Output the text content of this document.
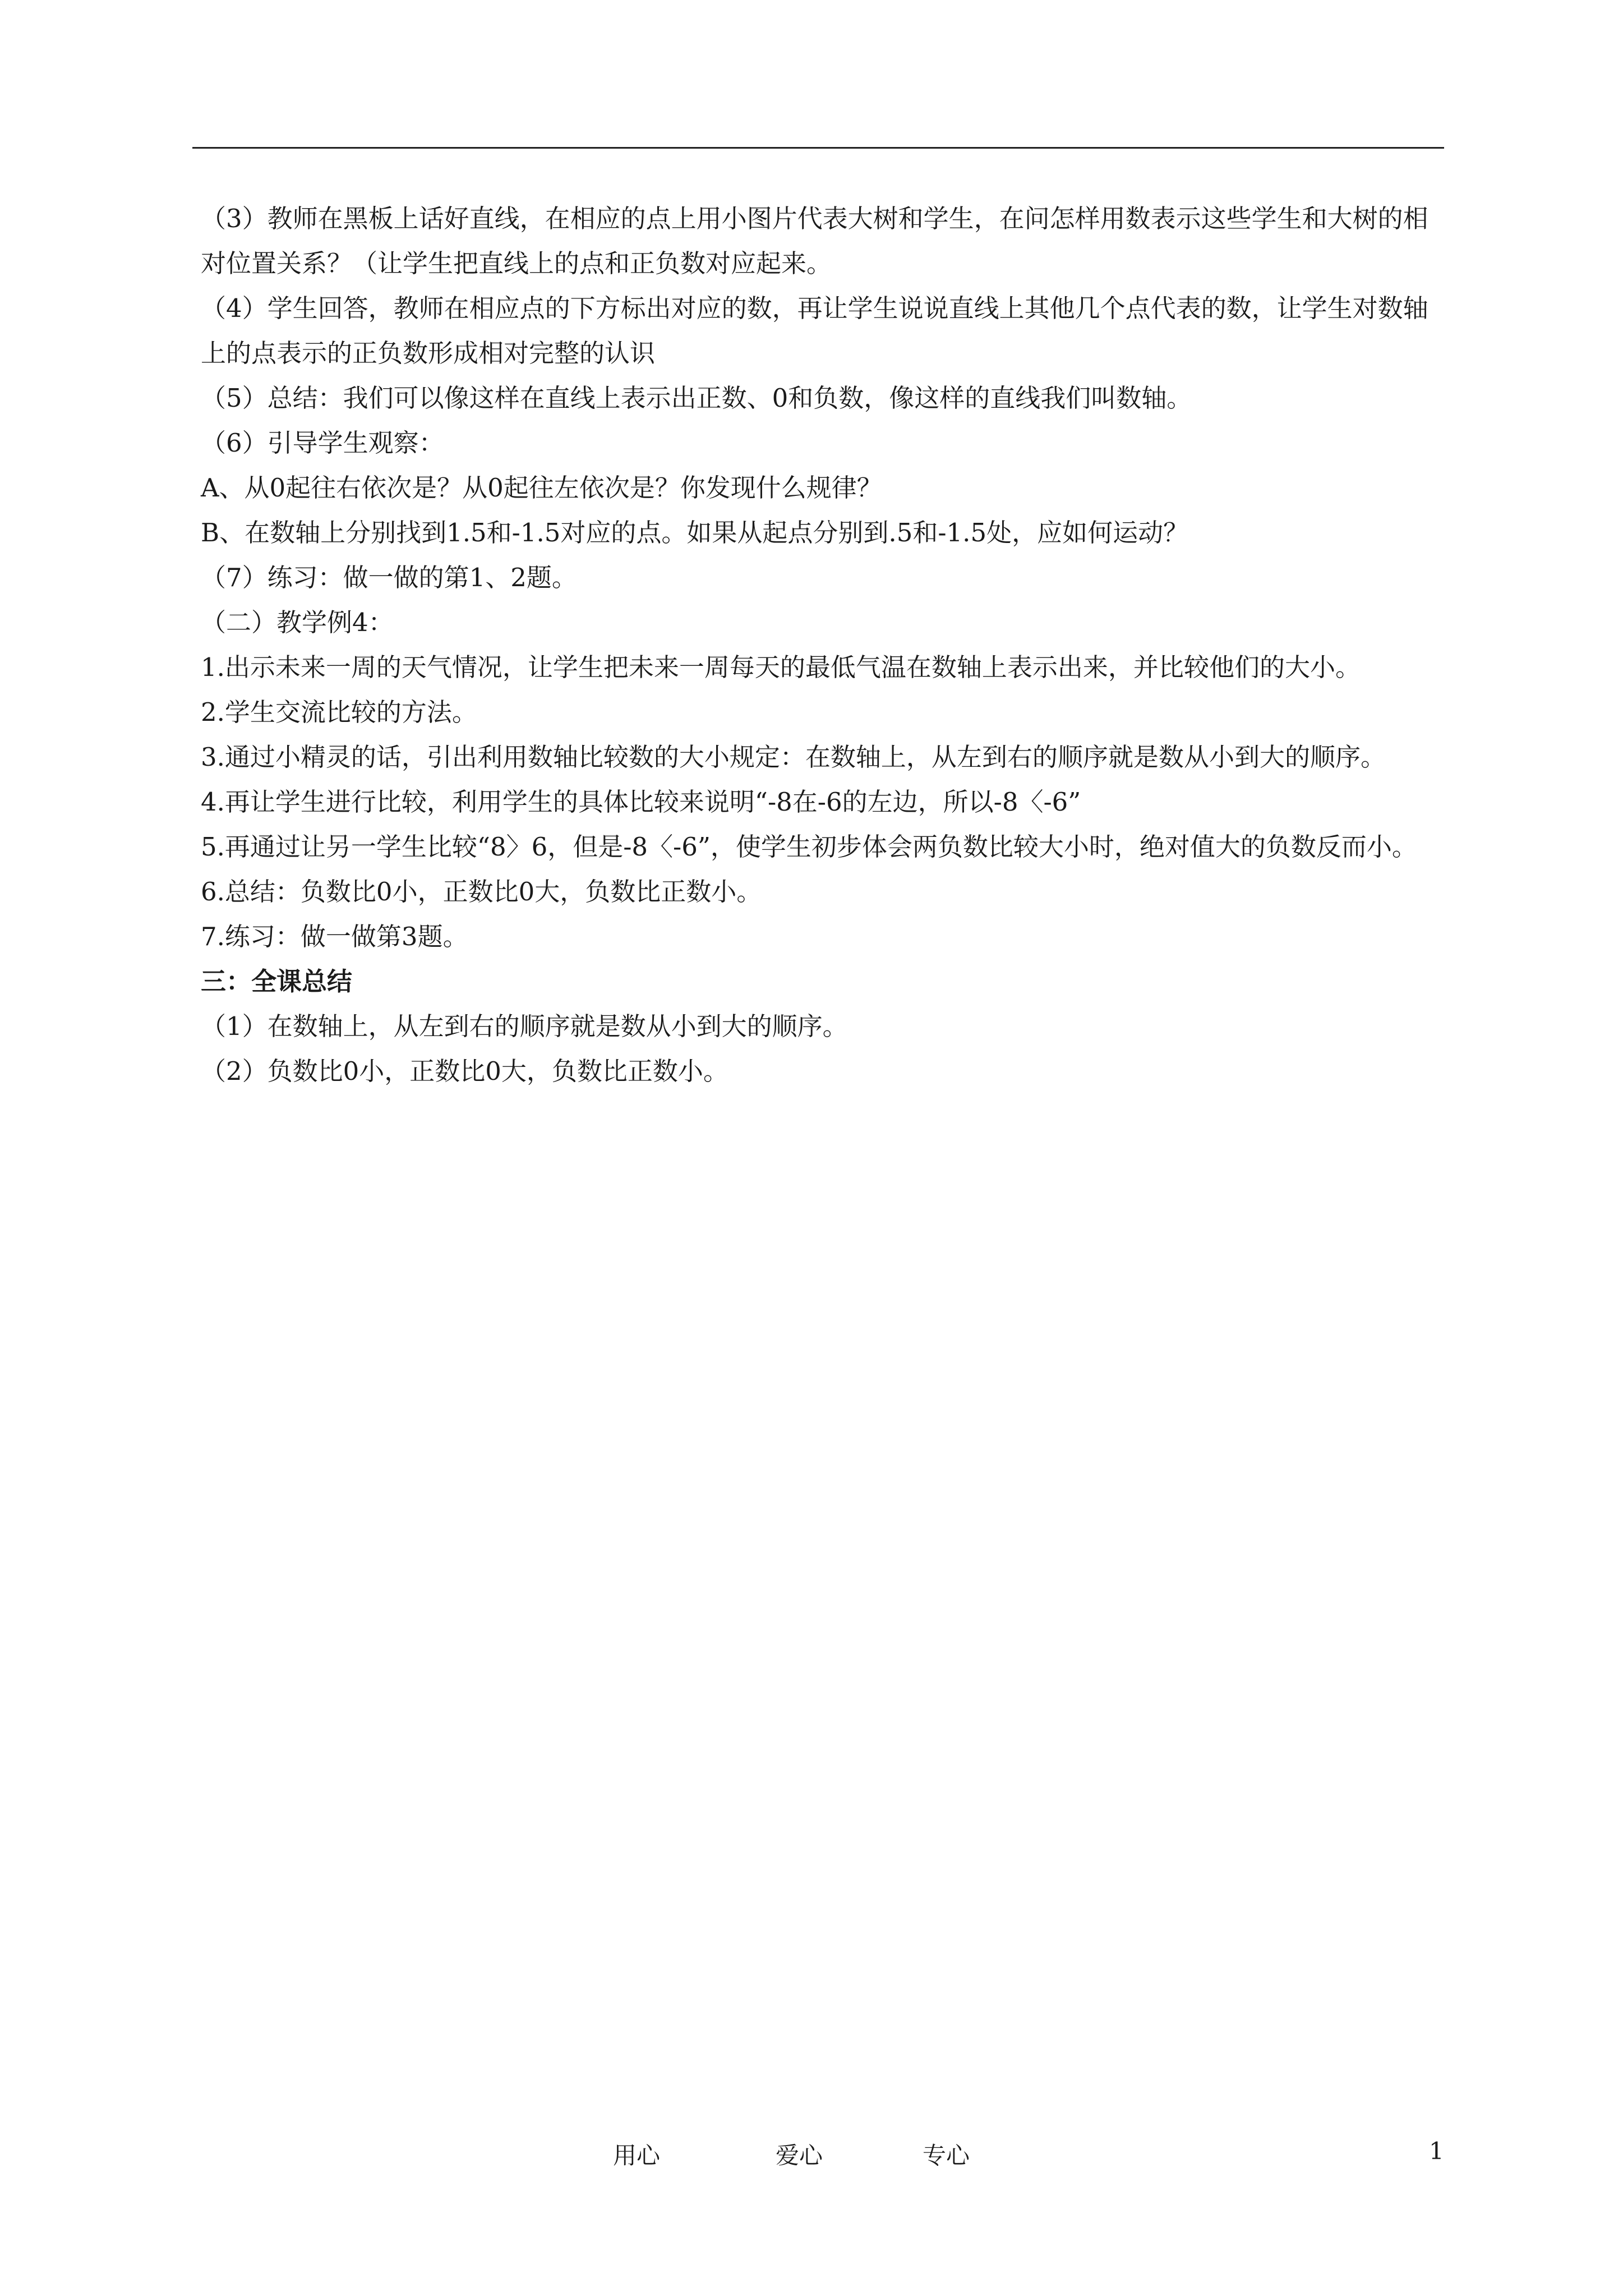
（3）教师在黑板上话好直线，在相应的点上用小图片代表大树和学生，在问怎样用数表示这些学生和大树的相对位置关系？（让学生把直线上的点和正负数对应起来。

（4）学生回答，教师在相应点的下方标出对应的数，再让学生说说直线上其他几个点代表的数，让学生对数轴上的点表示的正负数形成相对完整的认识

（5）总结：我们可以像这样在直线上表示出正数、0和负数，像这样的直线我们叫数轴。

（6）引导学生观察：

A、从0起往右依次是？从0起往左依次是？你发现什么规律？

B、在数轴上分别找到1.5和-1.5对应的点。如果从起点分别到.5和-1.5处，应如何运动？

（7）练习：做一做的第1、2题。

（二）教学例4：

1.出示未来一周的天气情况，让学生把未来一周每天的最低气温在数轴上表示出来，并比较他们的大小。

2.学生交流比较的方法。

3.通过小精灵的话，引出利用数轴比较数的大小规定：在数轴上，从左到右的顺序就是数从小到大的顺序。

4.再让学生进行比较，利用学生的具体比较来说明“-8在-6的左边，所以-8〈-6”

5.再通过让另一学生比较“8〉6，但是-8〈-6”，使学生初步体会两负数比较大小时，绝对值大的负数反而小。

6.总结：负数比0小，正数比0大，负数比正数小。

7.练习：做一做第3题。

三：全课总结

（1）在数轴上，从左到右的顺序就是数从小到大的顺序。

（2）负数比0小，正数比0大，负数比正数小。

用心	爱心	专心	1
